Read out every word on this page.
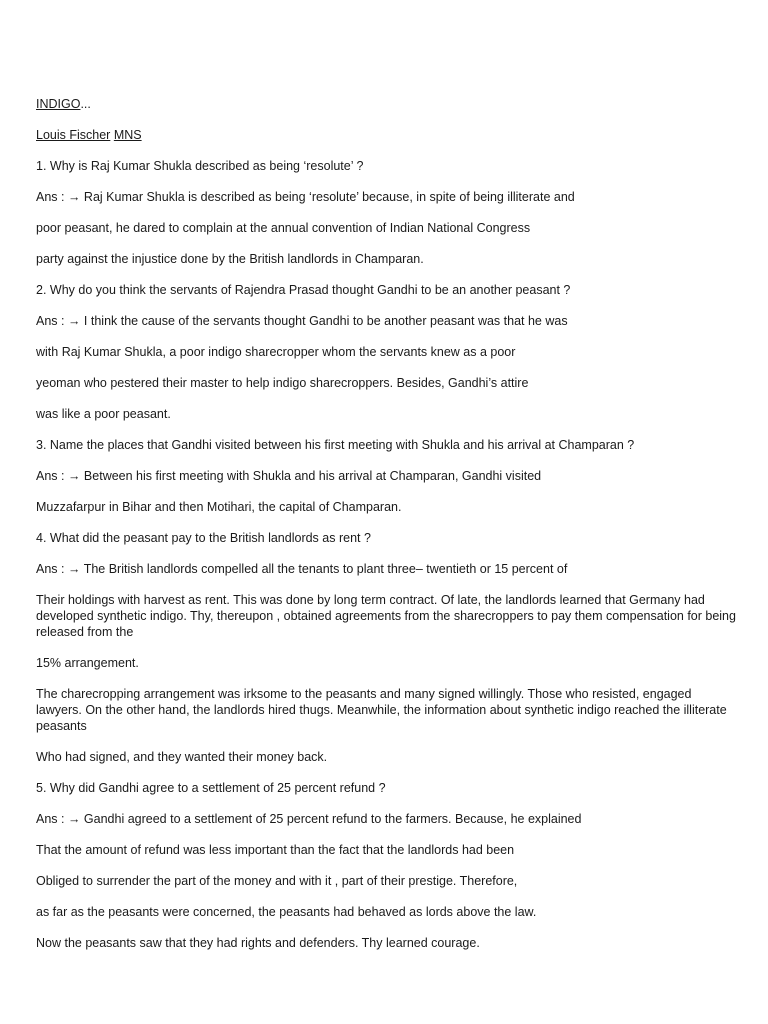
INDIGO...

Louis Fischer MNS

1. Why is Raj Kumar Shukla described as being ‘resolute’ ?

Ans : → Raj Kumar Shukla is described as being ‘resolute’ because, in spite of being illiterate and

poor peasant, he dared to complain at the annual convention of Indian National Congress

party against the injustice done by the British landlords in Champaran.

2. Why do you think the servants of Rajendra Prasad thought Gandhi to be an another peasant ?

Ans : → I think the cause of the servants thought Gandhi to be another peasant was that he was

with Raj Kumar Shukla, a poor indigo sharecropper whom the servants knew as a poor

yeoman who pestered their master to help indigo sharecroppers. Besides, Gandhi’s attire

was like a poor peasant.

3. Name the places that Gandhi visited between his first meeting with Shukla and his arrival at Champaran ?

Ans : → Between his first meeting with Shukla and his arrival at Champaran, Gandhi visited

Muzzafarpur in Bihar and then Motihari, the capital of Champaran.

4. What did the peasant pay to the British landlords as rent ?

Ans : → The British landlords compelled all the tenants to plant three– twentieth or 15 percent of

Their holdings with harvest as rent. This was done by long term contract. Of late, the landlords learned that Germany had developed synthetic indigo. Thy, thereupon , obtained agreements from the sharecroppers to pay them compensation for being released from the

15% arrangement.

The charecropping arrangement was irksome to the peasants and many signed willingly. Those who resisted, engaged lawyers. On the other hand, the landlords hired thugs. Meanwhile, the information about synthetic indigo reached the illiterate peasants

Who had signed, and they wanted their money back.

5. Why did Gandhi agree to a settlement of 25 percent refund ?

Ans : → Gandhi agreed to a settlement of 25 percent refund to the farmers. Because, he explained

That the amount of refund was less important than the fact that the landlords had been

Obliged to surrender the part of the money and with it , part of their prestige. Therefore,

as far as the peasants were concerned, the peasants had behaved as lords above the law.

Now the peasants saw that they had rights and defenders. Thy learned courage.
